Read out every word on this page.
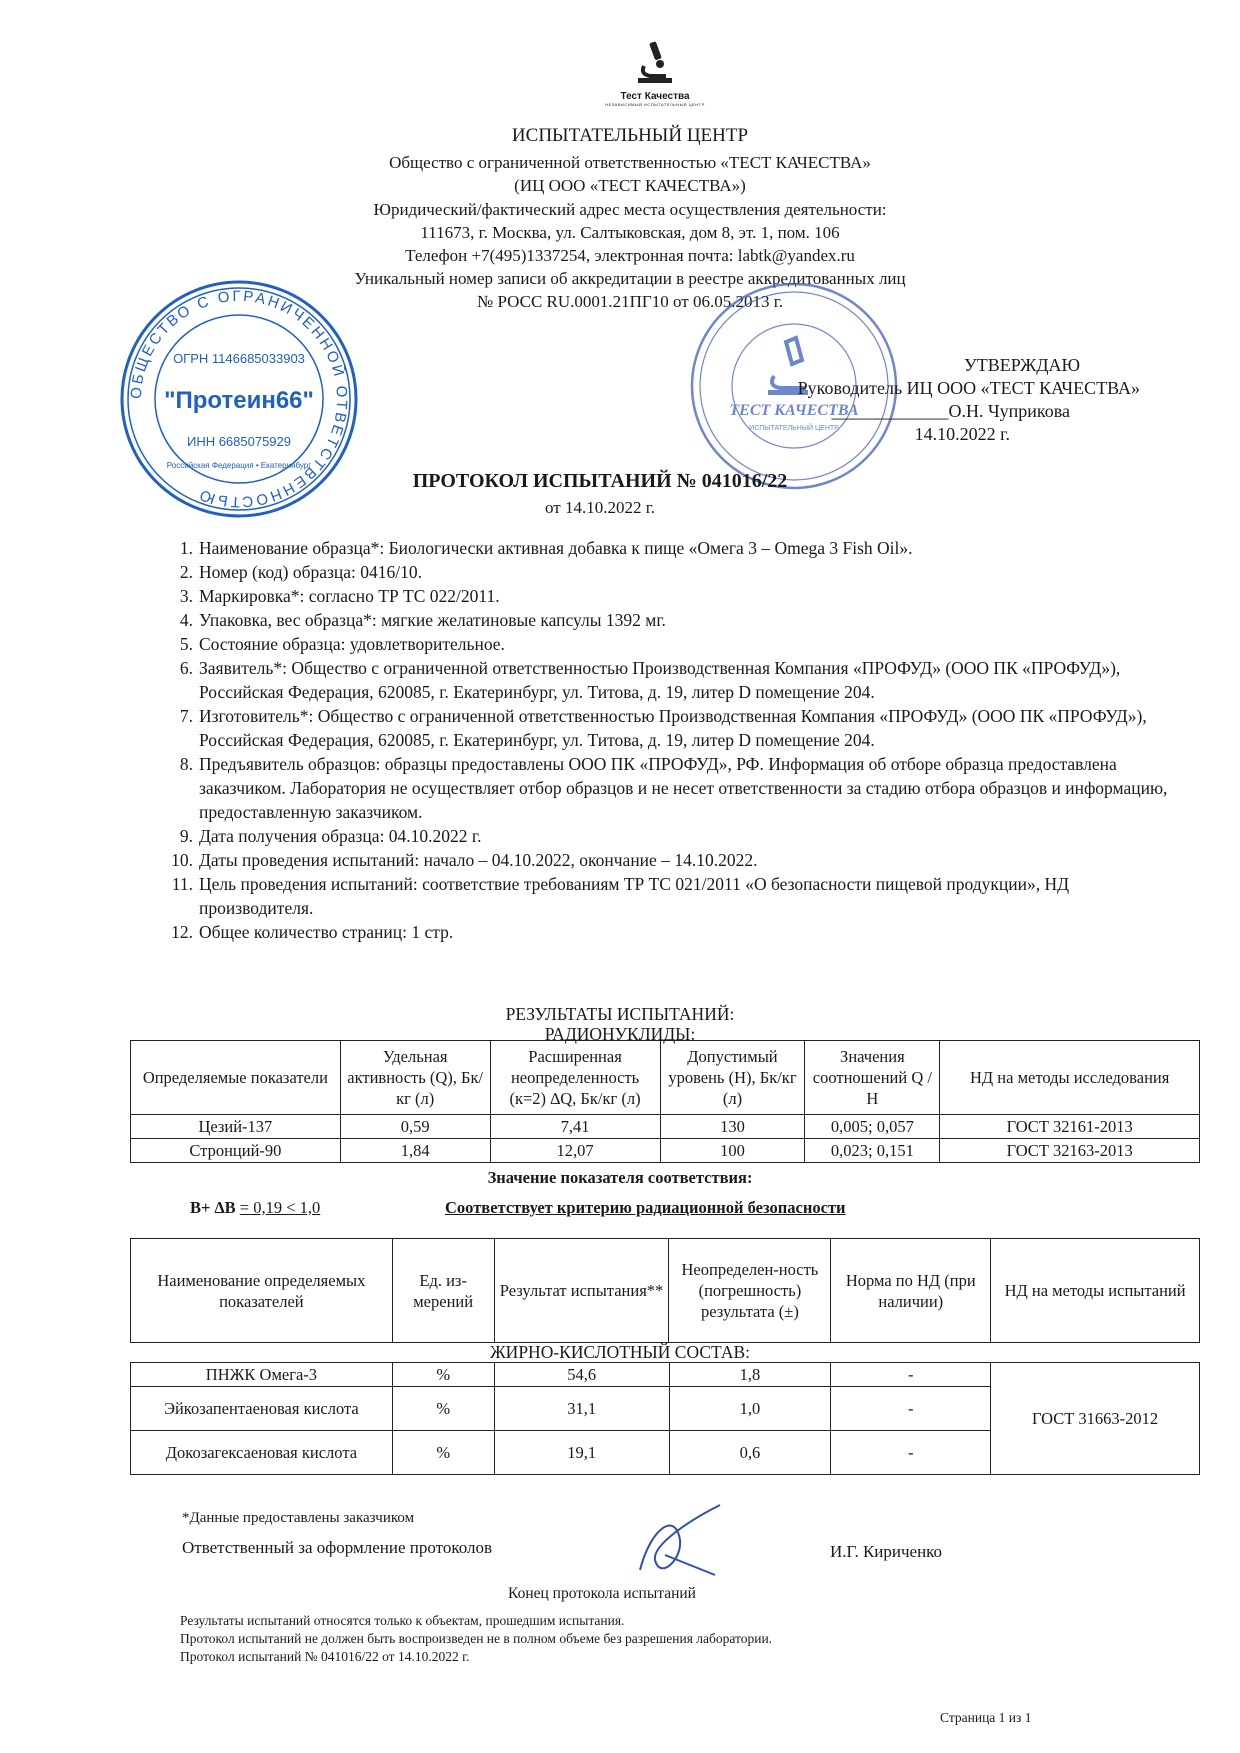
Тест Качества
НЕЗАВИСИМЫЙ ИСПЫТАТЕЛЬНЫЙ ЦЕНТР
ИСПЫТАТЕЛЬНЫЙ ЦЕНТР
Общество с ограниченной ответственностью «ТЕСТ КАЧЕСТВА»
(ИЦ ООО «ТЕСТ КАЧЕСТВА»)
Юридический/фактический адрес места осуществления деятельности:
111673, г. Москва, ул. Салтыковская, дом 8, эт. 1, пом. 106
Телефон +7(495)1337254, электронная почта: labtk@yandex.ru
Уникальный номер записи об аккредитации в реестре аккредитованных лиц
№ РОСС RU.0001.21ПГ10 от 06.05.2013 г.
ОБЩЕСТВО С ОГРАНИЧЕННОЙ ОТВЕТСТВЕННОСТЬЮ
ОГРН 1146685033903
"Протеин66"
ИНН 6685075929
Российская Федерация • Екатеринбург
ТЕСТ КАЧЕСТВА
ИСПЫТАТЕЛЬНЫЙ ЦЕНТР
УТВЕРЖДАЮ
Руководитель ИЦ ООО «ТЕСТ КАЧЕСТВА»
_____________О.Н. Чуприкова
14.10.2022 г.
ПРОТОКОЛ ИСПЫТАНИЙ № 041016/22
от 14.10.2022 г.
1. Наименование образца*: Биологически активная добавка к пище «Омега 3 – Omega 3 Fish Oil».
2. Номер (код) образца: 0416/10.
3. Маркировка*: согласно ТР ТС 022/2011.
4. Упаковка, вес образца*: мягкие желатиновые капсулы 1392 мг.
5. Состояние образца: удовлетворительное.
6. Заявитель*: Общество с ограниченной ответственностью Производственная Компания «ПРОФУД» (ООО ПК «ПРОФУД»), Российская Федерация, 620085, г. Екатеринбург, ул. Титова, д. 19, литер D помещение 204.
7. Изготовитель*: Общество с ограниченной ответственностью Производственная Компания «ПРОФУД» (ООО ПК «ПРОФУД»), Российская Федерация, 620085, г. Екатеринбург, ул. Титова, д. 19, литер D помещение 204.
8. Предъявитель образцов: образцы предоставлены ООО ПК «ПРОФУД», РФ. Информация об отборе образца предоставлена заказчиком. Лаборатория не осуществляет отбор образцов и не несет ответственности за стадию отбора образцов и информацию, предоставленную заказчиком.
9. Дата получения образца: 04.10.2022 г.
10. Даты проведения испытаний: начало – 04.10.2022, окончание – 14.10.2022.
11. Цель проведения испытаний: соответствие требованиям ТР ТС 021/2011 «О безопасности пищевой продукции», НД производителя.
12. Общее количество страниц: 1 стр.
РЕЗУЛЬТАТЫ ИСПЫТАНИЙ:
РАДИОНУКЛИДЫ:
Определяемые показатели	Удельная активность (Q), Бк/кг (л)	Расширенная неопределенность (к=2) ∆Q, Бк/кг (л)	Допустимый уровень (Н), Бк/кг (л)	Значения соотношений Q /Н	НД на методы исследования
Цезий-137	0,59	7,41	130	0,005; 0,057	ГОСТ 32161-2013
Стронций-90	1,84	12,07	100	0,023; 0,151	ГОСТ 32163-2013
Значение показателя соответствия:
B+ ∆B = 0,19 < 1,0	Соответствует критерию радиационной безопасности
Наименование определяемых показателей	Ед. из-мерений	Результат испытания**	Неопределен-ность (погрешность) результата (±)	Норма по НД (при наличии)	НД на методы испытаний
ЖИРНО-КИСЛОТНЫЙ СОСТАВ:
ПНЖК Омега-3	%	54,6	1,8	-	ГОСТ 31663-2012
Эйкозапентаеновая кислота	%	31,1	1,0	-	
Докозагексаеновая кислота	%	19,1	0,6	-	
*Данные предоставлены заказчиком
Ответственный за оформление протоколов	И.Г. Кириченко
Конец протокола испытаний
Результаты испытаний относятся только к объектам, прошедшим испытания.
Протокол испытаний не должен быть воспроизведен не в полном объеме без разрешения лаборатории.
Протокол испытаний № 041016/22 от 14.10.2022 г.
Страница 1 из 1
